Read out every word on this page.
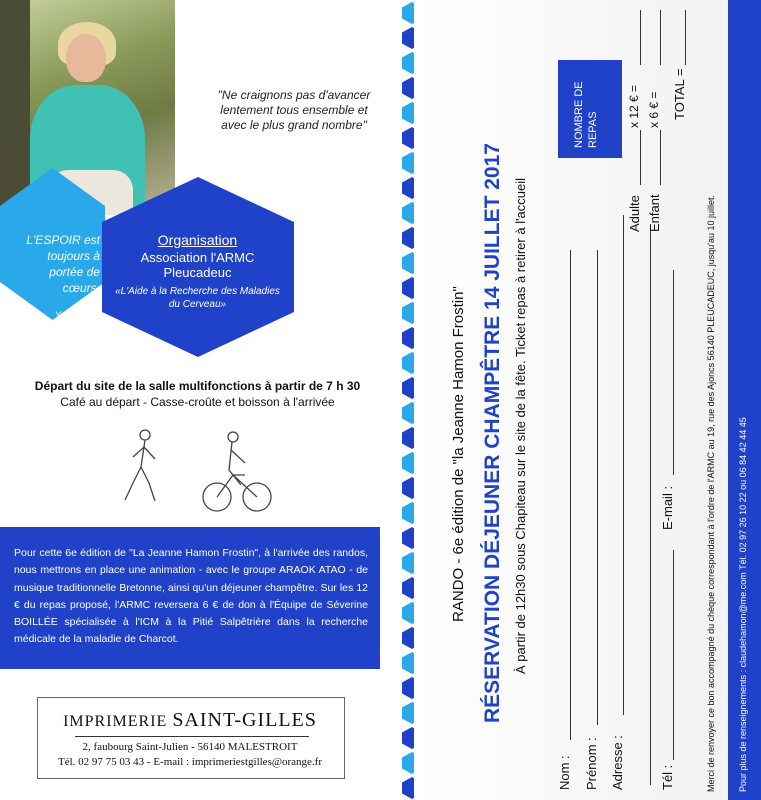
"Ne craignons pas d'avancer lentement tous ensemble et avec le plus grand nombre"
L'ESPOIR est toujours à portée de cœurs.
Yves Duteil
Organisation
Association l'ARMC
Pleucadeuc
«L'Aide à la Recherche des Maladies du Cerveau»
Départ du site de la salle multifonctions à partir de 7 h 30
Café au départ - Casse-croûte et boisson à l'arrivée
Pour cette 6e édition de "La Jeanne Hamon Frostin", à l'arrivée des randos, nous mettrons en place une animation - avec le groupe ARAOK ATAO - de musique traditionnelle Bretonne, ainsi qu'un déjeuner champêtre. Sur les 12 € du repas proposé, l'ARMC reversera 6 € de don à l'Équipe de Séverine BOILLÉE spécialisée à l'ICM à la Pitié Salpêtrière dans la recherche médicale de la maladie de Charcot.
IMPRIMERIE SAINT-GILLES
2, faubourg Saint-Julien - 56140 MALESTROIT
Tél. 02 97 75 03 43 - E-mail : imprimeriestgilles@orange.fr
RANDO - 6e édition de "la Jeanne Hamon Frostin" RÉSERVATION DÉJEUNER CHAMPÊTRE 14 JUILLET 2017 À partir de 12h30 sous Chapiteau sur le site de la fête. Ticket repas à retirer à l'accueil
Nom : Prénom : Adresse :	Tél :
E-mail :
NOMBRE DE REPAS
Adulte
x 12 € =
Enfant
x 6 € = TOTAL =
Merci de renvoyer ce bon accompagné du chèque correspondant à l'ordre de l'ARMC au 19, rue des Ajoncs 56140 PLEUCADEUC, jusqu'au 10 juillet. Pour plus de renseignements : claudehamon@me.com Tél. 02 97 26 10 22 ou 06 84 42 44 45
